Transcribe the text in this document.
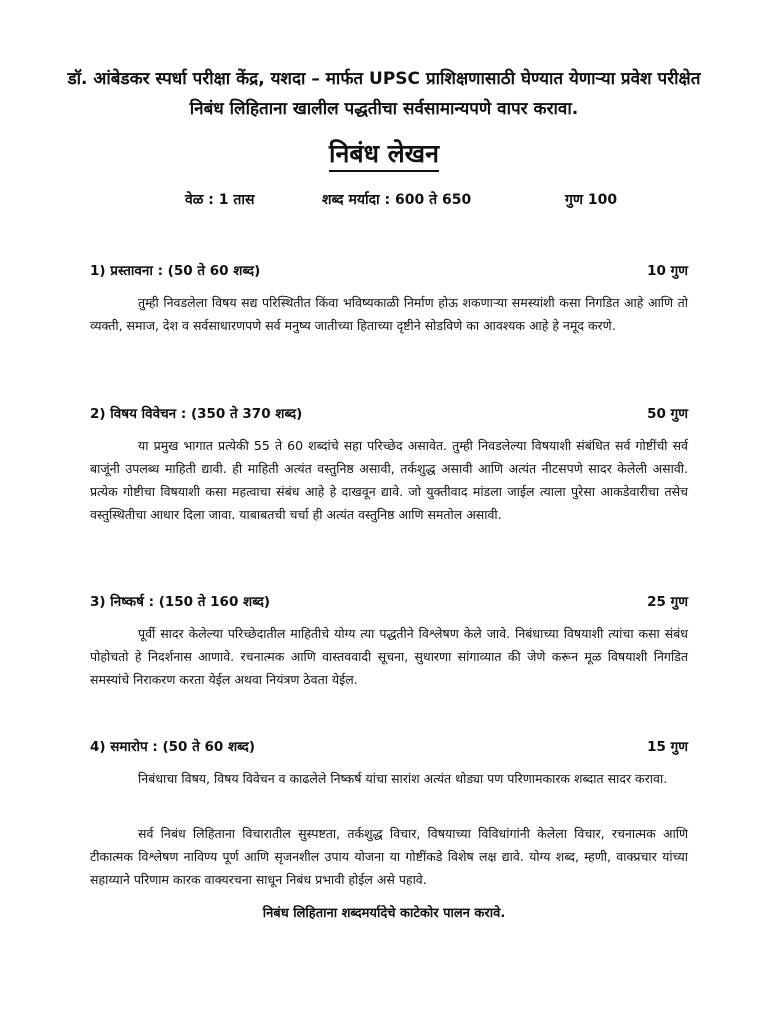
डॉ. आंबेडकर स्पर्धा परीक्षा केंद्र, यशदा – मार्फत UPSC प्राशिक्षणासाठी घेण्यात येणाऱ्या प्रवेश परीक्षेत निबंध लिहिताना खालील पद्धतीचा सर्वसामान्यपणे वापर करावा.
निबंध लेखन
वेळ : 1 तास	शब्द मर्यादा : 600 ते 650	गुण 100
1) प्रस्तावना : (50 ते 60 शब्द)	10 गुण
तुम्ही निवडलेला विषय सद्य परिस्थितीत किंवा भविष्यकाळी निर्माण होऊ शकणाऱ्या समस्यांशी कसा निगडित आहे आणि तो व्यक्ती, समाज, देश व सर्वसाधारणपणे सर्व मनुष्य जातीच्या हिताच्या दृष्टीने सोडविणे का आवश्यक आहे हे नमूद करणे.
2) विषय विवेचन : (350 ते 370 शब्द)	50 गुण
या प्रमुख भागात प्रत्येकी 55 ते 60 शब्दांचे सहा परिच्छेद असावेत. तुम्ही निवडलेल्या विषयाशी संबंधित सर्व गोष्टींची सर्व बाजूंनी उपलब्ध माहिती द्यावी. ही माहिती अत्यंत वस्तुनिष्ठ असावी, तर्कशुद्ध असावी आणि अत्यंत नीटसपणे सादर केलेली असावी. प्रत्येक गोष्टीचा विषयाशी कसा महत्वाचा संबंध आहे हे दाखवून द्यावे. जो युक्तीवाद मांडला जाईल त्याला पुरेसा आकडेवारीचा तसेच वस्तुस्थितीचा आधार दिला जावा. याबाबतची चर्चा ही अत्यंत वस्तुनिष्ठ आणि समतोल असावी.
3) निष्कर्ष : (150 ते 160 शब्द)	25 गुण
पूर्वी सादर केलेल्या परिच्छेदातील माहितीचे योग्य त्या पद्धतीने विश्लेषण केले जावे. निबंधाच्या विषयाशी त्यांचा कसा संबंध पोहोचतो हे निदर्शनास आणावे. रचनात्मक आणि वास्तववादी सूचना, सुधारणा सांगाव्यात की जेणे करून मूळ विषयाशी निगडित समस्यांचे निराकरण करता येईल अथवा नियंत्रण ठेवता येईल.
4) समारोप : (50 ते 60 शब्द)	15 गुण
निबंधाचा विषय, विषय विवेचन व काढलेले निष्कर्ष यांचा सारांश अत्यंत थोड्या पण परिणामकारक शब्दात सादर करावा.
सर्व निबंध लिहिताना विचारातील सुस्पष्टता, तर्कशुद्ध विचार, विषयाच्या विविधांगांनी केलेला विचार, रचनात्मक आणि टीकात्मक विश्लेषण नाविण्य पूर्ण आणि सृजनशील उपाय योजना या गोष्टींकडे विशेष लक्ष द्यावे. योग्य शब्द, म्हणी, वाक्प्रचार यांच्या सहाय्याने परिणाम कारक वाक्यरचना साधून निबंध प्रभावी होईल असे पहावे.
निबंध लिहिताना शब्दमर्यादेचे काटेकोर पालन करावे.
